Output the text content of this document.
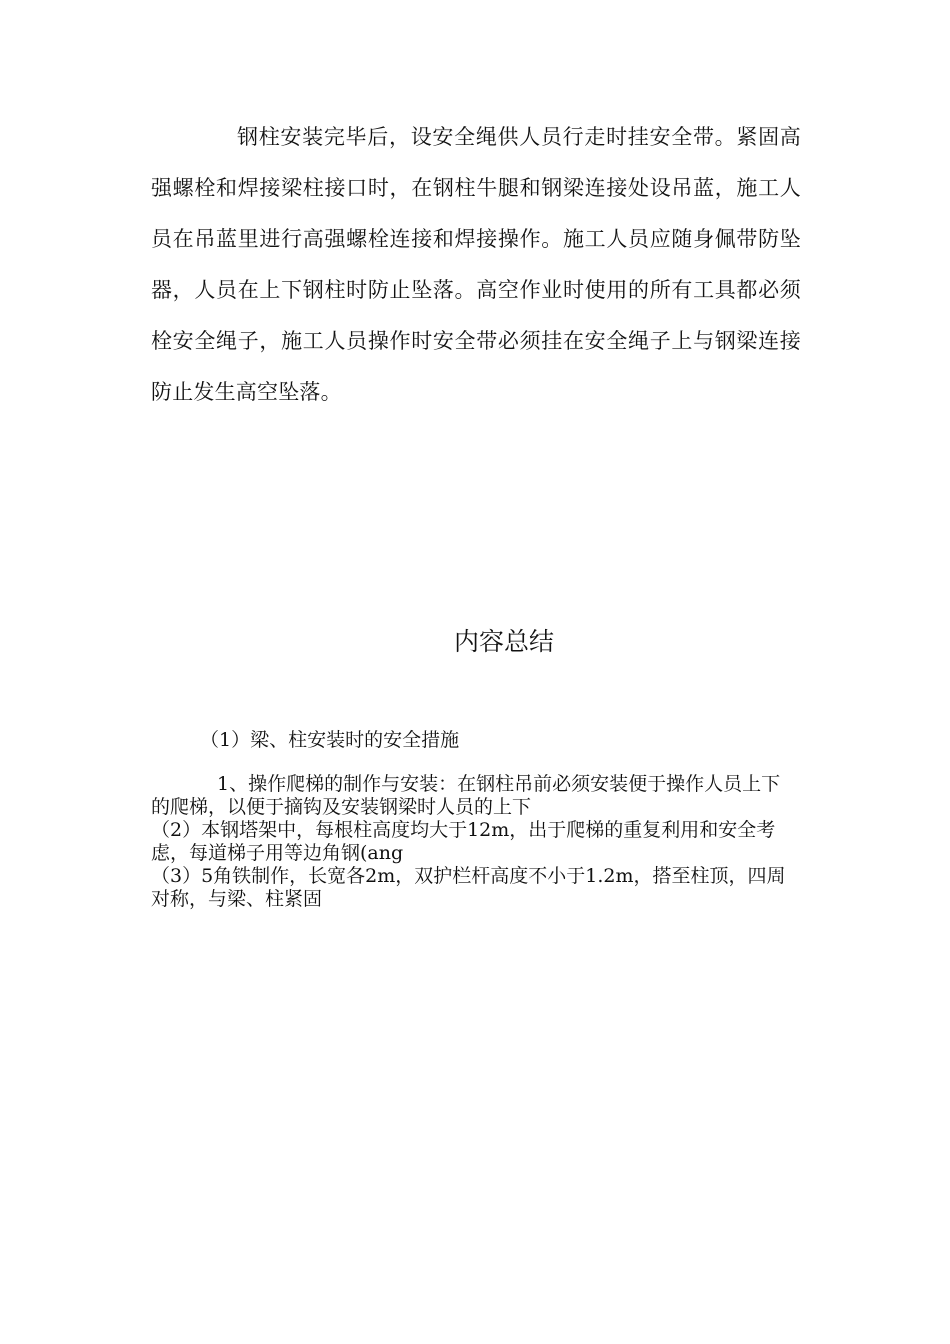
钢柱安装完毕后，设安全绳供人员行走时挂安全带。紧固高强螺栓和焊接梁柱接口时，在钢柱牛腿和钢梁连接处设吊蓝，施工人员在吊蓝里进行高强螺栓连接和焊接操作。施工人员应随身佩带防坠器，人员在上下钢柱时防止坠落。高空作业时使用的所有工具都必须栓安全绳子，施工人员操作时安全带必须挂在安全绳子上与钢梁连接防止发生高空坠落。

内容总结

（1）梁、柱安装时的安全措施

1、操作爬梯的制作与安装：在钢柱吊前必须安装便于操作人员上下的爬梯，以便于摘钩及安装钢梁时人员的上下

（2）本钢塔架中，每根柱高度均大于12m，出于爬梯的重复利用和安全考虑，每道梯子用等边角钢(ang

（3）5角铁制作，长宽各2m，双护栏杆高度不小于1.2m，搭至柱顶，四周对称，与梁、柱紧固
